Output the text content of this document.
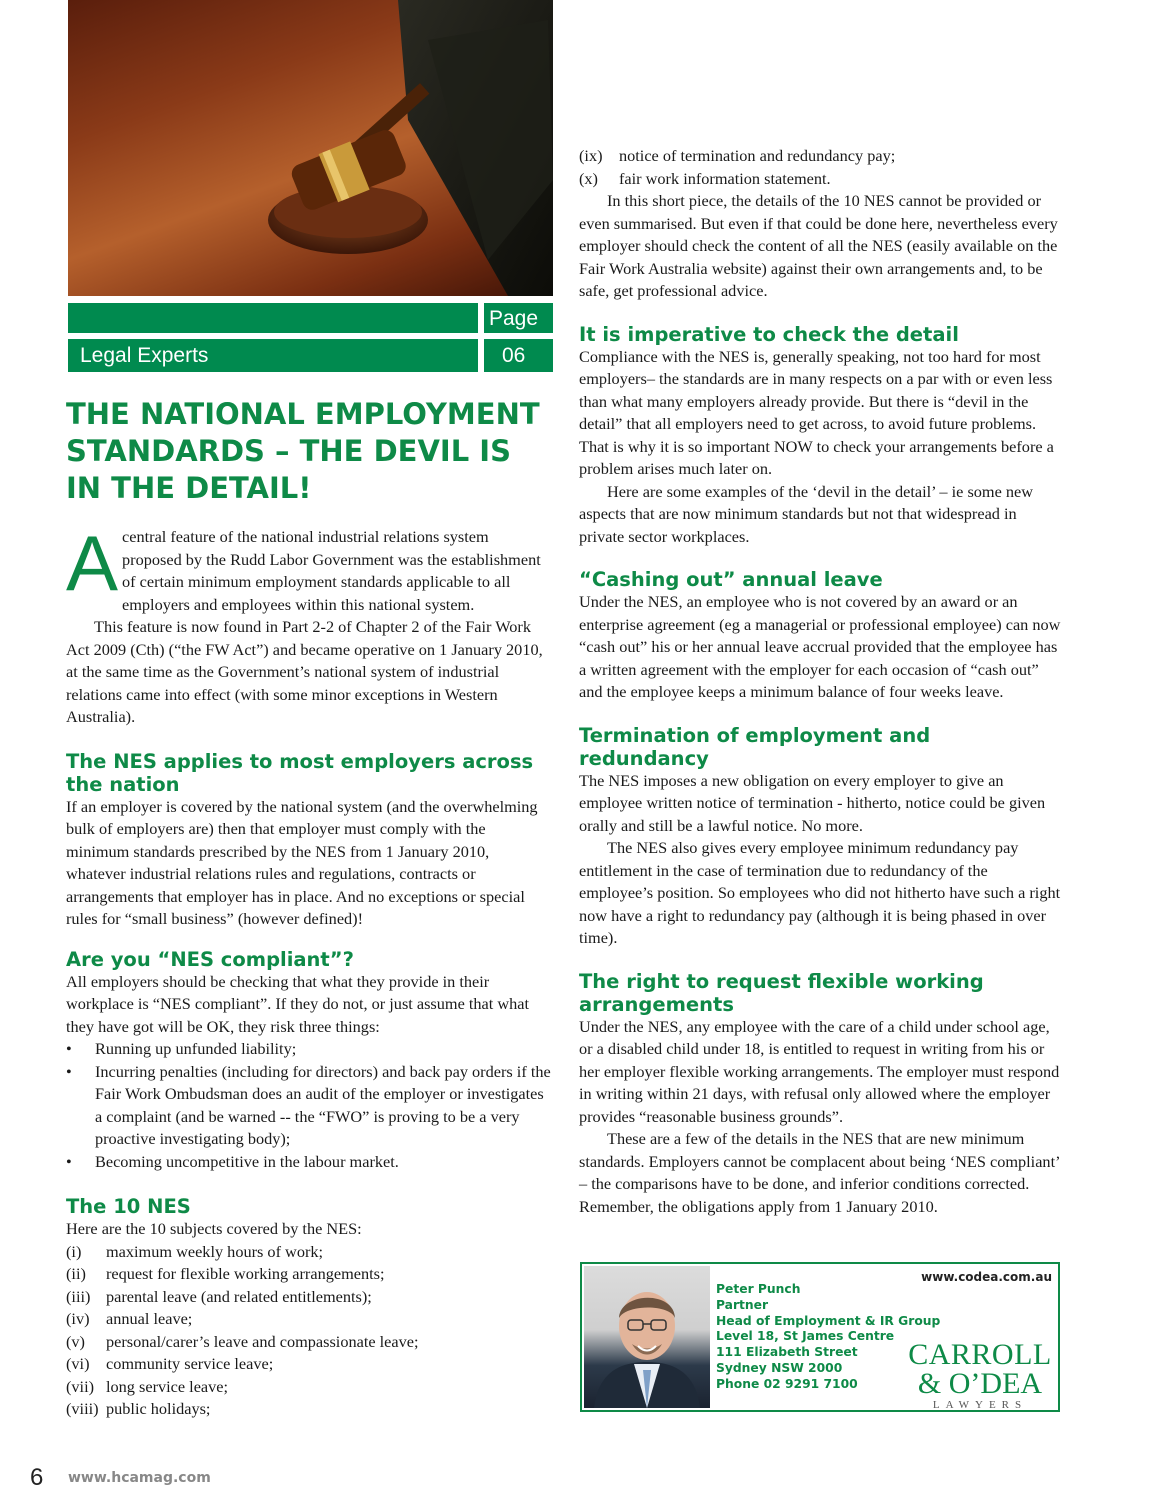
Legal Experts
Page
06
THE NATIONAL EMPLOYMENT STANDARDS – THE DEVIL IS IN THE DETAIL!

Acentral feature of the national industrial relations system proposed by the Rudd Labor Government was the establishment of certain minimum employment standards applicable to all employers and employees within this national system.

This feature is now found in Part 2-2 of Chapter 2 of the Fair Work Act 2009 (Cth) (“the FW Act”) and became operative on 1 January 2010, at the same time as the Government’s national system of industrial relations came into effect (with some minor exceptions in Western Australia).

The NES applies to most employers across the nation

If an employer is covered by the national system (and the overwhelming bulk of employers are) then that employer must comply with the minimum standards prescribed by the NES from 1 January 2010, whatever industrial relations rules and regulations, contracts or arrangements that employer has in place. And no exceptions or special rules for “small business” (however defined)!

Are you “NES compliant”?

All employers should be checking that what they provide in their workplace is “NES compliant”. If they do not, or just assume that what they have got will be OK, they risk three things:

• Running up unfunded liability;
• Incurring penalties (including for directors) and back pay orders if the Fair Work Ombudsman does an audit of the employer or investigates a complaint (and be warned -- the “FWO” is proving to be a very proactive investigating body);
• Becoming uncompetitive in the labour market.
The 10 NES

Here are the 10 subjects covered by the NES:

(i) maximum weekly hours of work;
(ii) request for flexible working arrangements;
(iii) parental leave (and related entitlements);
(iv) annual leave;
(v) personal/carer’s leave and compassionate leave;
(vi) community service leave;
(vii) long service leave;
(viii) public holidays;
(ix) notice of termination and redundancy pay;
(x) fair work information statement.

In this short piece, the details of the 10 NES cannot be provided or even summarised. But even if that could be done here, nevertheless every employer should check the content of all the NES (easily available on the Fair Work Australia website) against their own arrangements and, to be safe, get professional advice.

It is imperative to check the detail

Compliance with the NES is, generally speaking, not too hard for most employers– the standards are in many respects on a par with or even less than what many employers already provide. But there is “devil in the detail” that all employers need to get across, to avoid future problems. That is why it is so important NOW to check your arrangements before a problem arises much later on.

Here are some examples of the ‘devil in the detail’ – ie some new aspects that are now minimum standards but not that widespread in private sector workplaces.

“Cashing out” annual leave

Under the NES, an employee who is not covered by an award or an enterprise agreement (eg a managerial or professional employee) can now “cash out” his or her annual leave accrual provided that the employee has a written agreement with the employer for each occasion of “cash out” and the employee keeps a minimum balance of four weeks leave.

Termination of employment and redundancy

The NES imposes a new obligation on every employer to give an employee written notice of termination - hitherto, notice could be given orally and still be a lawful notice. No more.

The NES also gives every employee minimum redundancy pay entitlement in the case of termination due to redundancy of the employee’s position. So employees who did not hitherto have such a right now have a right to redundancy pay (although it is being phased in over time).

The right to request flexible working arrangements

Under the NES, any employee with the care of a child under school age, or a disabled child under 18, is entitled to request in writing from his or her employer flexible working arrangements. The employer must respond in writing within 21 days, with refusal only allowed where the employer provides “reasonable business grounds”.

These are a few of the details in the NES that are new minimum standards. Employers cannot be complacent about being ‘NES compliant’ – the comparisons have to be done, and inferior conditions corrected. Remember, the obligations apply from 1 January 2010.

www.codea.com.au
Peter Punch
Partner
Head of Employment & IR Group
Level 18, St James Centre
111 Elizabeth Street
Sydney NSW 2000
Phone 02 9291 7100
CARROLL
& O’DEA
LAWYERS
6 www.hcamag.com
